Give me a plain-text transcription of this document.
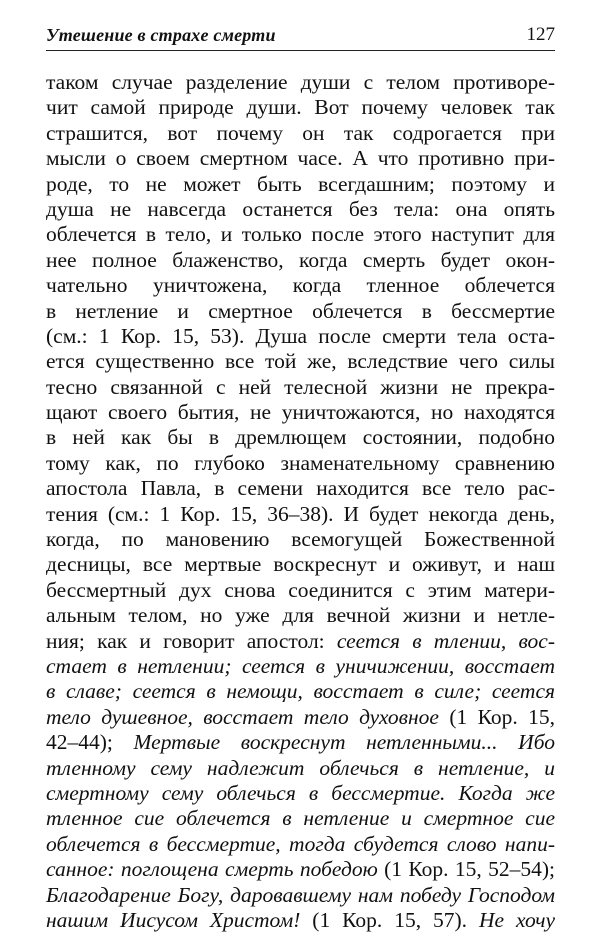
Утешение в страхе смерти	127
таком случае разделение души с телом противоре-
чит самой природе души. Вот почему человек так
страшится, вот почему он так содрогается при
мысли о своем смертном часе. А что противно при-
роде, то не может быть всегдашним; поэтому и
душа не навсегда останется без тела: она опять
облечется в тело, и только после этого наступит для
нее полное блаженство, когда смерть будет окон-
чательно уничтожена, когда тленное облечется
в нетление и смертное облечется в бессмертие
(см.: 1 Кор. 15, 53). Душа после смерти тела оста-
ется существенно все той же, вследствие чего силы
тесно связанной с ней телесной жизни не прекра-
щают своего бытия, не уничтожаются, но находятся
в ней как бы в дремлющем состоянии, подобно
тому как, по глубоко знаменательному сравнению
апостола Павла, в семени находится все тело рас-
тения (см.: 1 Кор. 15, 36–38). И будет некогда день,
когда, по мановению всемогущей Божественной
десницы, все мертвые воскреснут и оживут, и наш
бессмертный дух снова соединится с этим матери-
альным телом, но уже для вечной жизни и нетле-
ния; как и говорит апостол: сеется в тлении, вос-
стает в нетлении; сеется в уничижении, восстает
в славе; сеется в немощи, восстает в силе; сеется
тело душевное, восстает тело духовное (1 Кор. 15,
42–44); Мертвые воскреснут нетленными... Ибо
тленному сему надлежит облечься в нетление, и
смертному сему облечься в бессмертие. Когда же
тленное сие облечется в нетление и смертное сие
облечется в бессмертие, тогда сбудется слово напи-
санное: поглощена смерть победою (1 Кор. 15, 52–54);
Благодарение Богу, даровавшему нам победу Господом
нашим Иисусом Христом! (1 Кор. 15, 57). Не хочу
